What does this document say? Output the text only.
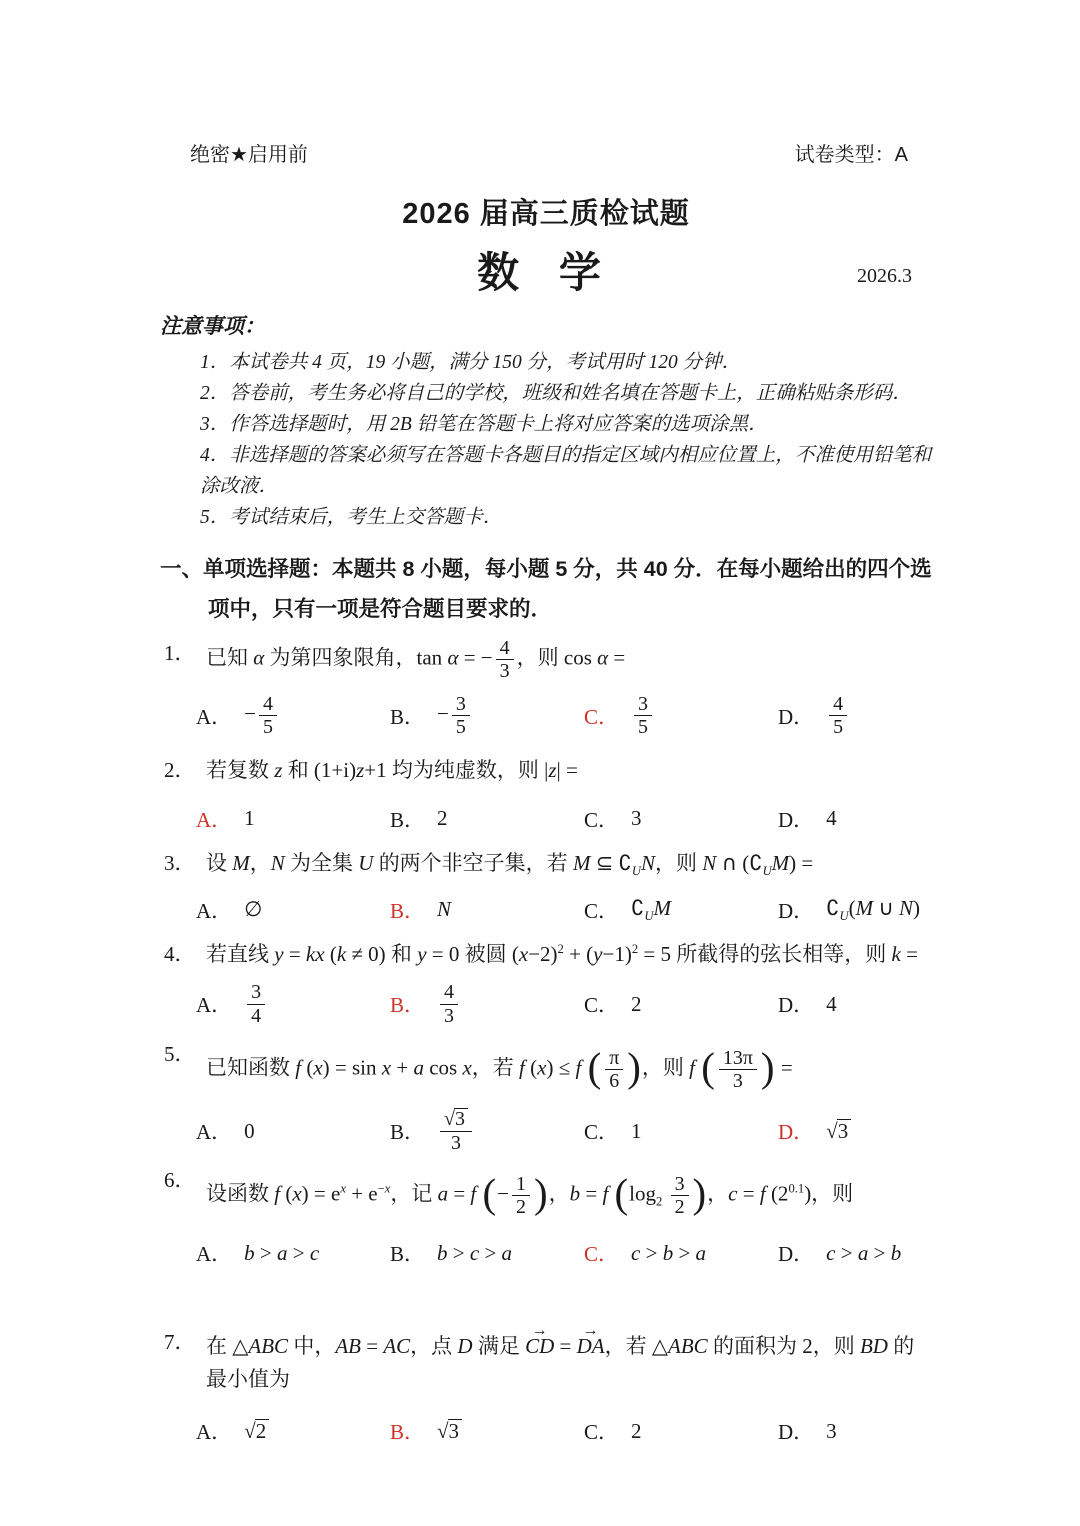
绝密★启用前	试卷类型：A
2026 届高三质检试题
数 学	2026.3
注意事项：
1．本试卷共 4 页，19 小题，满分 150 分，考试用时 120 分钟．
2．答卷前，考生务必将自己的学校，班级和姓名填在答题卡上，正确粘贴条形码．
3．作答选择题时，用 2B 铅笔在答题卡上将对应答案的选项涂黑．
4．非选择题的答案必须写在答题卡各题目的指定区域内相应位置上，不准使用铅笔和涂改液．
5．考试结束后，考生上交答题卡．
一、单项选择题：本题共 8 小题，每小题 5 分，共 40 分．在每小题给出的四个选项中，只有一项是符合题目要求的．
1． 已知 α 为第四象限角，tan α = − $\frac{4}{3}$ ，则 cos α =
A． − $\frac{4}{5}$	B． − $\frac{3}{5}$	C． $\frac{3}{5}$	D． $\frac{4}{5}$
2． 若复数 z 和 (1+i)z+1 均为纯虚数，则 |z| =
A． 1	B． 2	C． 3	D． 4
3． 设 M，N 为全集 U 的两个非空子集，若 M ⊆ $∁_UN$，则 N ∩ $(∁_UM)$ =
A． ∅	B． N	C． $∁_UM$	D． $∁_U(M$ ∪ N)
4． 若直线 y = kx (k ≠ 0) 和 y = 0 被圆 $(x-2)^2 + (y-1)^2 = 5$ 所截得的弦长相等，则 k =
A． $\frac{3}{4}$	B． $\frac{4}{3}$	C． 2	D． 4
5．
已知函数 f (x) = sin x + a cos x，若 f (x) ≤ f ( $\frac{\pi}{6}$ )，则 f ( $\frac{13\pi}{3}$ ) =
A． 0	B． $\frac{√3}{3}$	C． 1	D． √3
6．
设函数 f $(x) = e^x + e^{-x}$，记 a = f (− $\frac{1}{2}$ )，b = f ($\log_2 \frac{3}{2}$ )，c = f $(2^{0.1})$，则
A． b > a > c	B． b > c > a	C． c > b > a	D． c > a > b
7． 在 △ABC 中，AB = AC，点 D 满足
→
CD =
→
DA，若 △ABC 的面积为 2，则 BD 的最小值为
A． √2	B． √3	C． 2	D． 3
